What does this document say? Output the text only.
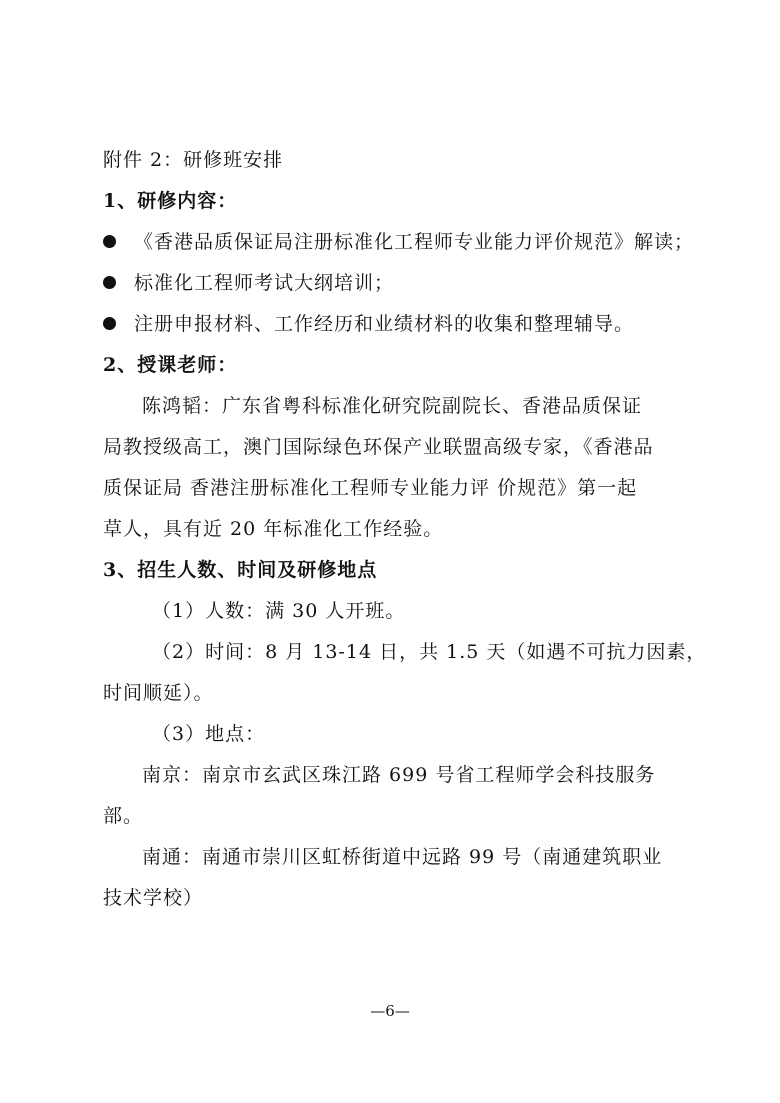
附件 2：研修班安排
1、研修内容：
《香港品质保证局注册标准化工程师专业能力评价规范》解读；
标准化工程师考试大纲培训；
注册申报材料、工作经历和业绩材料的收集和整理辅导。
2、授课老师：
陈鸿韬：广东省粤科标准化研究院副院长、香港品质保证
局教授级高工，澳门国际绿色环保产业联盟高级专家，《香港品
质保证局 香港注册标准化工程师专业能力评 价规范》第一起
草人，具有近 20 年标准化工作经验。
3、招生人数、时间及研修地点
（1）人数：满 30 人开班。
（2）时间：8 月 13-14 日，共 1.5 天（如遇不可抗力因素，
时间顺延）。
（3）地点：
南京：南京市玄武区珠江路 699 号省工程师学会科技服务
部。
南通：南通市崇川区虹桥街道中远路 99 号（南通建筑职业
技术学校）
—6—
